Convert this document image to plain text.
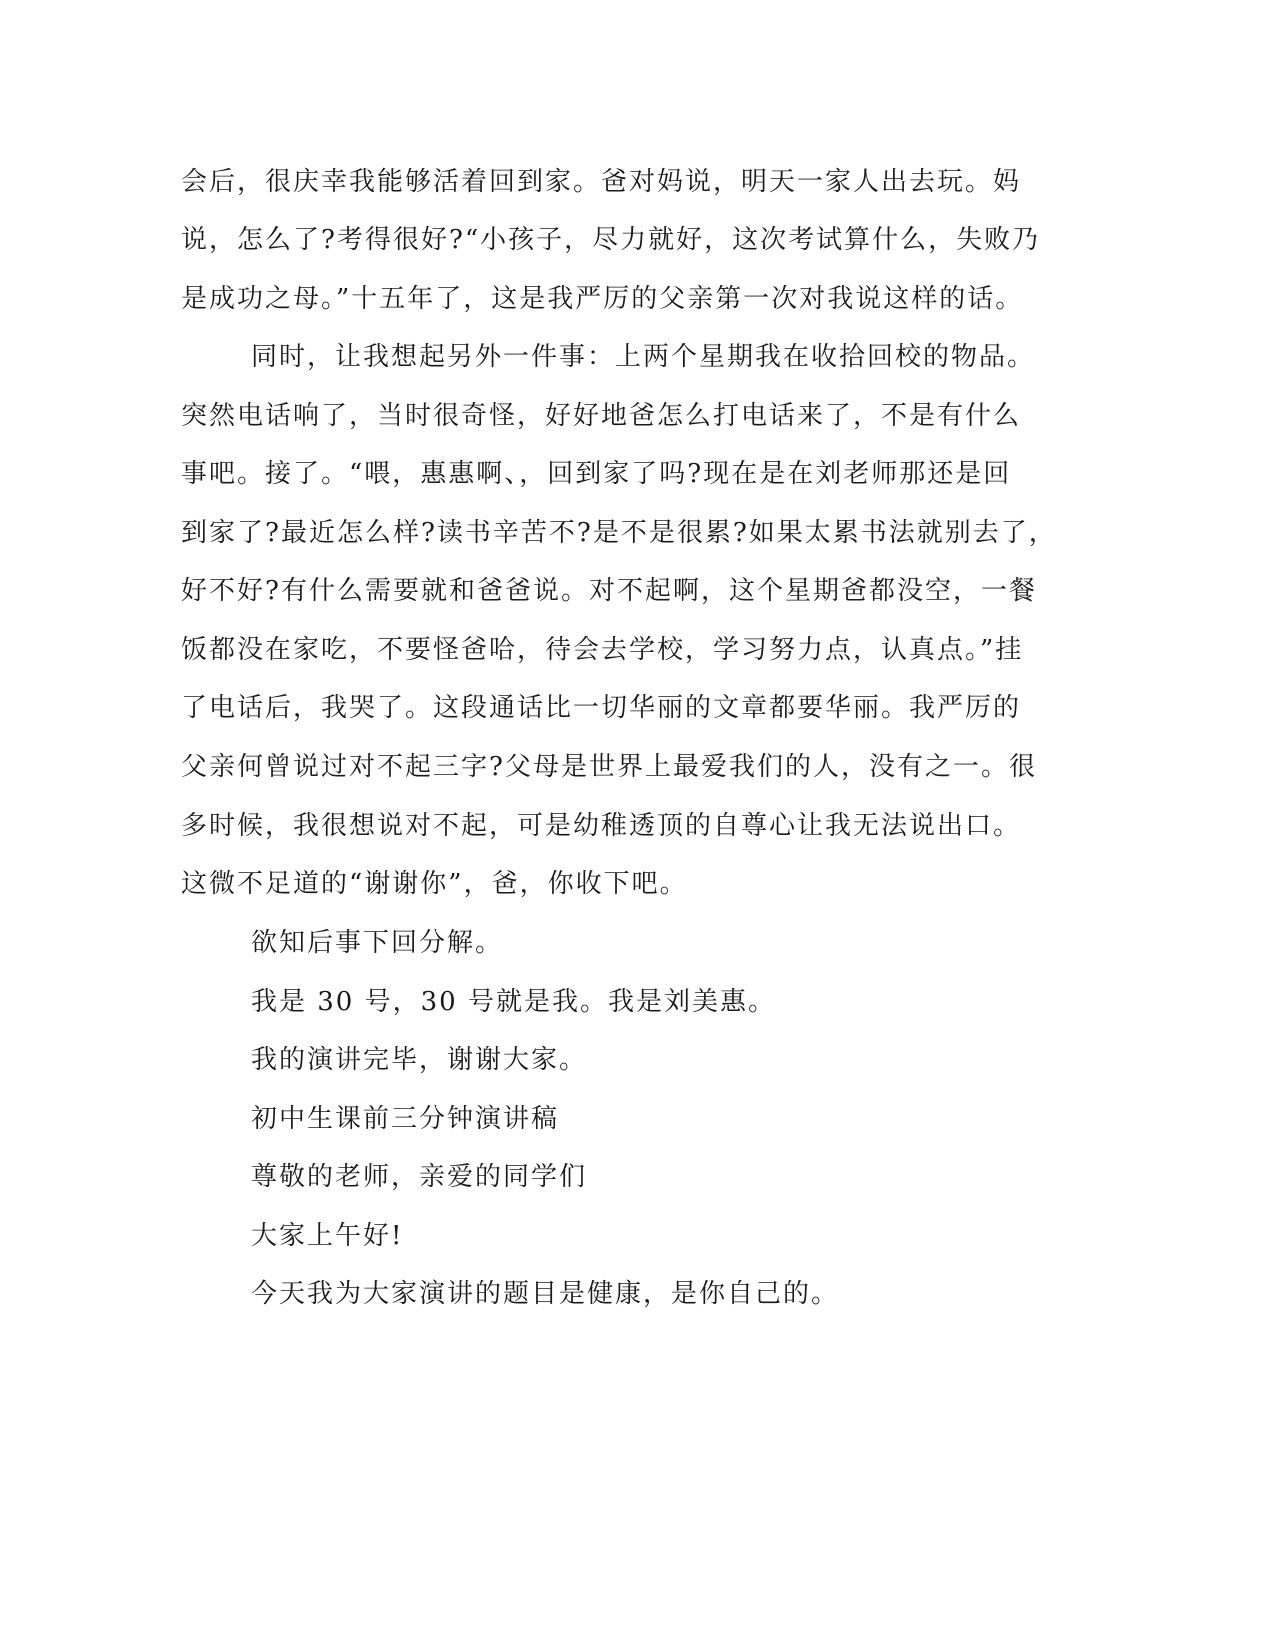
会后，很庆幸我能够活着回到家。爸对妈说，明天一家人出去玩。妈

说，怎么了?考得很好?“小孩子，尽力就好，这次考试算什么，失败乃

是成功之母。”十五年了，这是我严厉的父亲第一次对我说这样的话。

同时，让我想起另外一件事：上两个星期我在收拾回校的物品。

突然电话响了，当时很奇怪，好好地爸怎么打电话来了，不是有什么

事吧。接了。“喂，惠惠啊、，回到家了吗?现在是在刘老师那还是回

到家了?最近怎么样?读书辛苦不?是不是很累?如果太累书法就别去了，

好不好?有什么需要就和爸爸说。对不起啊，这个星期爸都没空，一餐

饭都没在家吃，不要怪爸哈，待会去学校，学习努力点，认真点。”挂

了电话后，我哭了。这段通话比一切华丽的文章都要华丽。我严厉的

父亲何曾说过对不起三字?父母是世界上最爱我们的人，没有之一。很

多时候，我很想说对不起，可是幼稚透顶的自尊心让我无法说出口。

这微不足道的“谢谢你”，爸，你收下吧。

欲知后事下回分解。

我是 30 号，30 号就是我。我是刘美惠。

我的演讲完毕，谢谢大家。

初中生课前三分钟演讲稿

尊敬的老师，亲爱的同学们

大家上午好!

今天我为大家演讲的题目是健康，是你自己的。
